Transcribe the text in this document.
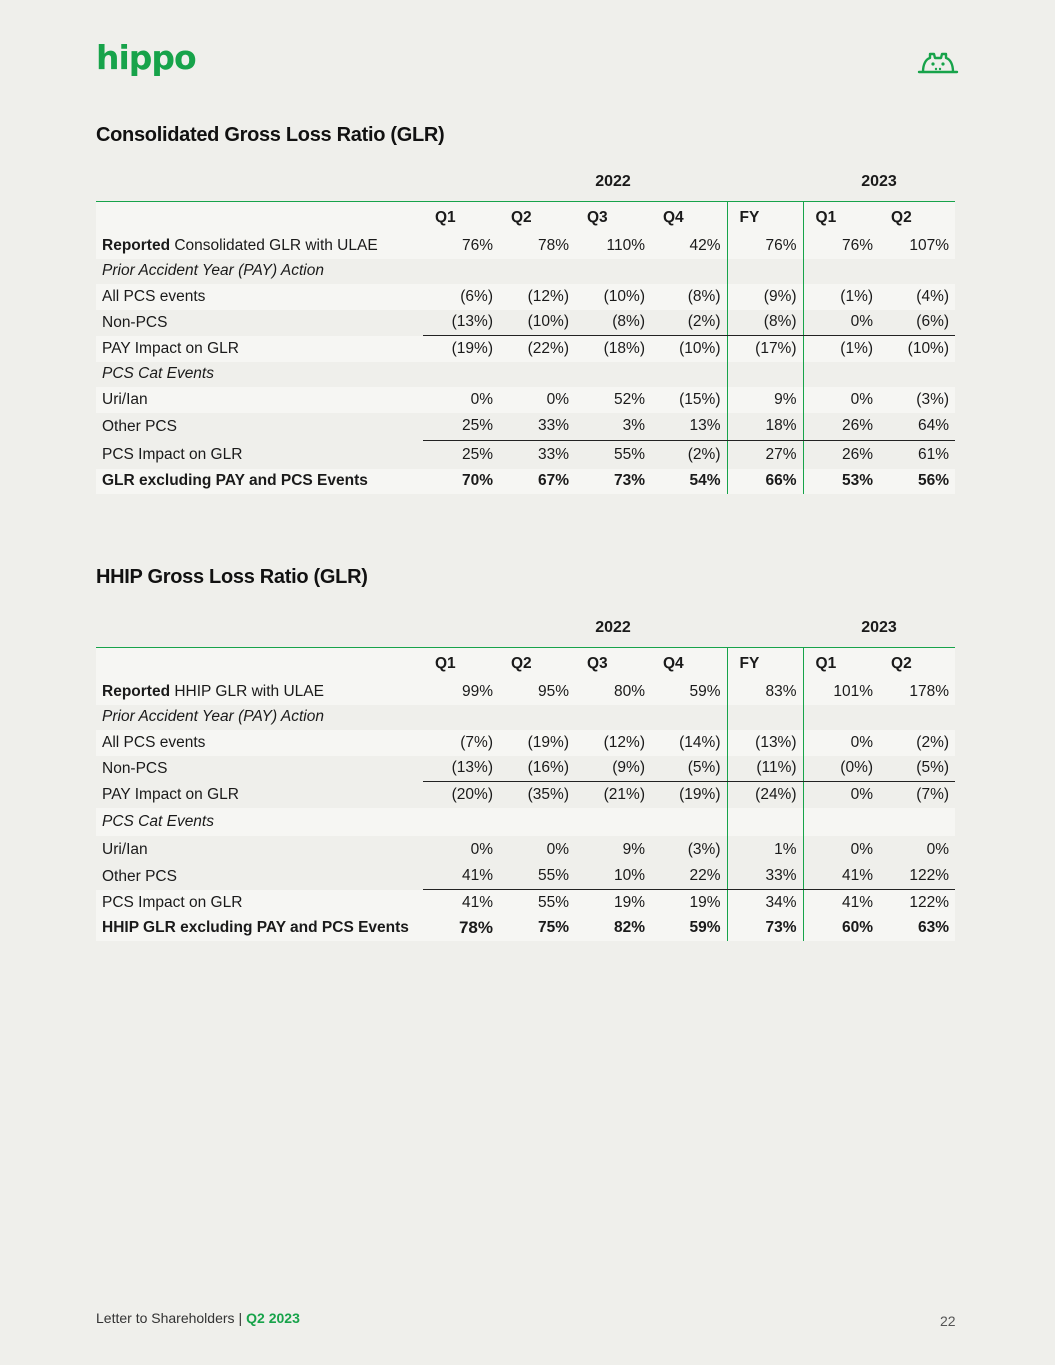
hippo
Consolidated Gross Loss Ratio (GLR)
	2022					2023	
	Q1	Q2	Q3	Q4	FY	Q1	Q2
Reported Consolidated GLR with ULAE	76%	78%	110%	42%	76%	76%	107%
Prior Accident Year (PAY) Action							
All PCS events	(6%)	(12%)	(10%)	(8%)	(9%)	(1%)	(4%)
Non-PCS	(13%)	(10%)	(8%)	(2%)	(8%)	0%	(6%)
PAY Impact on GLR	(19%)	(22%)	(18%)	(10%)	(17%)	(1%)	(10%)
PCS Cat Events							
Uri/Ian	0%	0%	52%	(15%)	9%	0%	(3%)
Other PCS	25%	33%	3%	13%	18%	26%	64%
PCS Impact on GLR	25%	33%	55%	(2%)	27%	26%	61%
GLR excluding PAY and PCS Events	70%	67%	73%	54%	66%	53%	56%
HHIP Gross Loss Ratio (GLR)
	2022					2023	
	Q1	Q2	Q3	Q4	FY	Q1	Q2
Reported HHIP GLR with ULAE	99%	95%	80%	59%	83%	101%	178%
Prior Accident Year (PAY) Action							
All PCS events	(7%)	(19%)	(12%)	(14%)	(13%)	0%	(2%)
Non-PCS	(13%)	(16%)	(9%)	(5%)	(11%)	(0%)	(5%)
PAY Impact on GLR	(20%)	(35%)	(21%)	(19%)	(24%)	0%	(7%)
PCS Cat Events							
Uri/Ian	0%	0%	9%	(3%)	1%	0%	0%
Other PCS	41%	55%	10%	22%	33%	41%	122%
PCS Impact on GLR	41%	55%	19%	19%	34%	41%	122%
HHIP GLR excluding PAY and PCS Events	78%	75%	82%	59%	73%	60%	63%
Letter to Shareholders | Q2 2023	22
